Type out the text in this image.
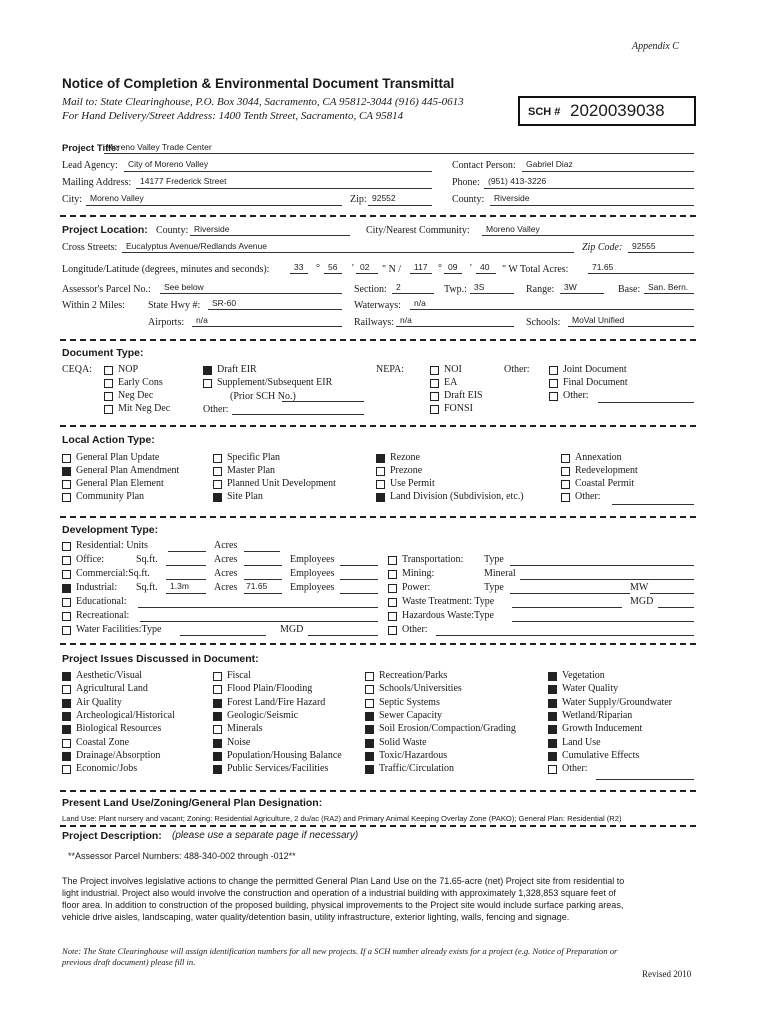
Appendix C
Notice of Completion & Environmental Document Transmittal
Mail to: State Clearinghouse, P.O. Box 3044, Sacramento, CA 95812-3044 (916) 445-0613
For Hand Delivery/Street Address: 1400 Tenth Street, Sacramento, CA 95814	SCH # 2020039038
Project Title:
Moreno Valley Trade Center
Lead Agency: City of Moreno Valley	Contact Person: Gabriel Diaz
Mailing Address: 14177 Frederick Street	Phone: (951) 413-3226
City: Moreno Valley	Zip: 92552	County: Riverside
Project Location: County: Riverside	City/Nearest Community: Moreno Valley
Cross Streets: Eucalyptus Avenue/Redlands Avenue	Zip Code: 92555
Longitude/Latitude (degrees, minutes and seconds):	33 ° 56 ' 02 " N / 117 ° 09 ' 40 " W Total Acres:	71.65
Assessor's Parcel No.: See below	Section: 2	Twp.: 3S	Range: 3W	Base: San. Bern.
Within 2 Miles: State Hwy #: SR-60	Waterways: n/a
Airports: n/a	Railways: n/a	Schools: MoVal Unified
Document Type:
CEQA:	NOP
Early Cons
Neg Dec
Mit Neg Dec
Draft EIR
Supplement/Subsequent EIR
(Prior SCH No.)
Other:
NEPA:	NOI
EA
Draft EIS
FONSI
Other:	Joint Document
Final Document
Other:
Local Action Type:
General Plan Update
General Plan Amendment
General Plan Element
Community Plan
Specific Plan
Master Plan
Planned Unit Development
Site Plan
Rezone
Prezone
Use Permit
Land Division (Subdivision, etc.)
Annexation
Redevelopment
Coastal Permit
Other:
Development Type:
Residential: Units	Acres
Office:	Sq.ft.	Acres	Employees
Commercial:Sq.ft.	Acres	Employees
Industrial: Sq.ft. 1.3m	Acres 71.65 Employees
Educational:
Recreational:
Water Facilities:Type	MGD
Transportation: Type
Mining:	Mineral
Power:	Type	MW
Waste Treatment: Type	MGD
Hazardous Waste:Type
Other:
Project Issues Discussed in Document:
Aesthetic/Visual
Agricultural Land
Air Quality
Archeological/Historical
Biological Resources
Coastal Zone
Drainage/Absorption
Economic/Jobs
Fiscal
Flood Plain/Flooding
Forest Land/Fire Hazard
Geologic/Seismic
Minerals
Noise
Population/Housing Balance
Public Services/Facilities
Recreation/Parks
Schools/Universities
Septic Systems
Sewer Capacity
Soil Erosion/Compaction/Grading
Solid Waste
Toxic/Hazardous
Traffic/Circulation
Vegetation
Water Quality
Water Supply/Groundwater
Wetland/Riparian
Growth Inducement
Land Use
Cumulative Effects
Other:
Present Land Use/Zoning/General Plan Designation:
Land Use: Plant nursery and vacant; Zoning: Residential Agriculture, 2 du/ac (RA2) and Primary Animal Keeping Overlay Zone (PAKO); General Plan: Residential (R2)
Project Description: (please use a separate page if necessary)
**Assessor Parcel Numbers: 488-340-002 through -012**
The Project involves legislative actions to change the permitted General Plan Land Use on the 71.65-acre (net) Project site from residential to
light industrial. Project also would involve the construction and operation of a industrial building with approximately 1,328,853 square feet of
floor area. In addition to construction of the proposed building, physical improvements to the Project site would include surface parking areas,
vehicle drive aisles, landscaping, water quality/detention basin, utility infrastructure, exterior lighting, walls, fencing and signage.
Note: The State Clearinghouse will assign identification numbers for all new projects. If a SCH number already exists for a project (e.g. Notice of Preparation or
previous draft document) please fill in.
Revised 2010
